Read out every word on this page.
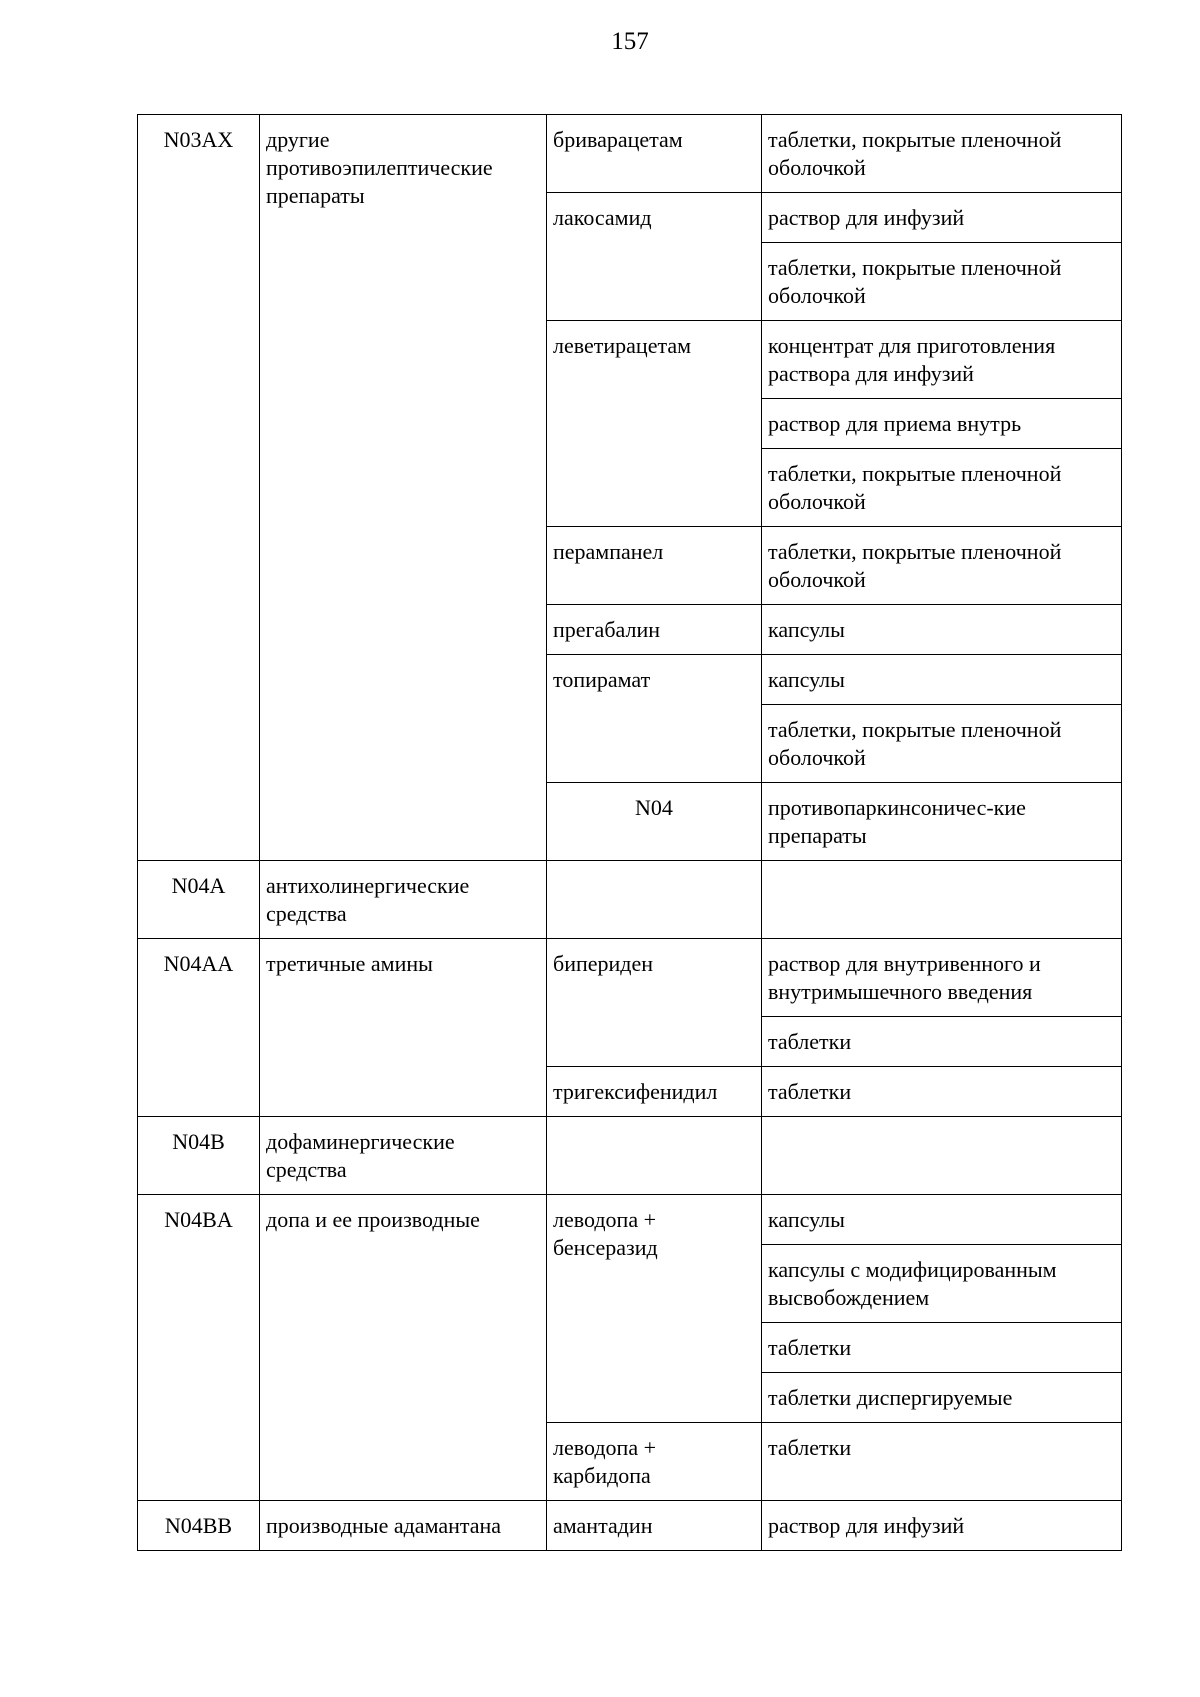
157
N03AX	другие противоэпилептические препараты	бриварацетам	таблетки, покрытые пленочной оболочкой	
		лакосамид	раствор для инфузий	
			таблетки, покрытые пленочной оболочкой	
		леветирацетам	концентрат для приготовления раствора для инфузий	
			раствор для приема внутрь	
			таблетки, покрытые пленочной оболочкой	
		перампанел	таблетки, покрытые пленочной оболочкой	
		прегабалин	капсулы	
		топирамат	капсулы	
			таблетки, покрытые пленочной оболочкой	
		N04	противопаркинсоничес-кие препараты		
N04A	антихолинергические средства			
N04AA	третичные амины	бипериден	раствор для внутривенного и внутримышечного введения	
			таблетки	
		тригексифенидил	таблетки	
N04B	дофаминергические средства			
N04BA	допа и ее производные	леводопа + бенсеразид	капсулы	
			капсулы с модифицированным высвобождением	
			таблетки	
			таблетки диспергируемые	
		леводопа + карбидопа	таблетки	
N04BB	производные адамантана	амантадин	раствор для инфузий	
